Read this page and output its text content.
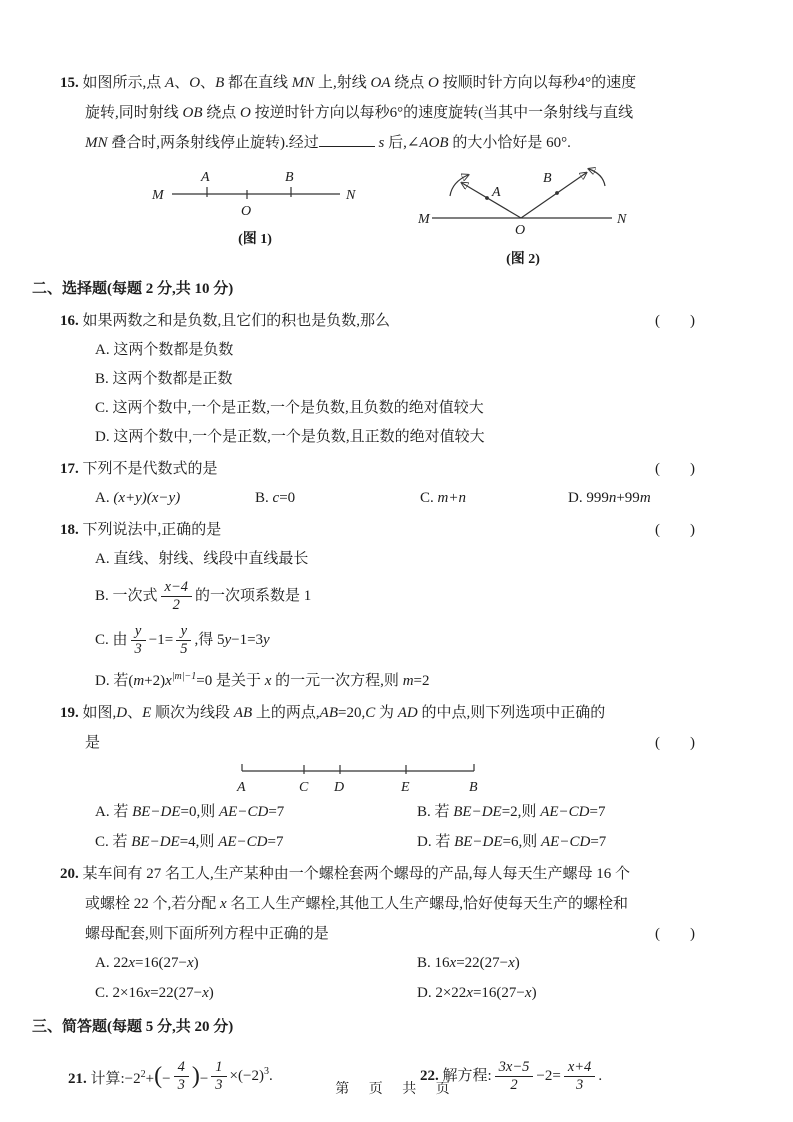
15. 如图所示,点 A、O、B 都在直线 MN 上,射线 OA 绕点 O 按顺时针方向以每秒4°的速度
旋转,同时射线 OB 绕点 O 按逆时针方向以每秒6°的速度旋转(当其中一条射线与直线
MN 叠合时,两条射线停止旋转).经过	s 后,∠AOB 的大小恰好是 60°.
M
A
O
B
N
(图 1)
M
A
B
O
N
(图 2)
二、选择题(每题 2 分,共 10 分)
16. 如果两数之和是负数,且它们的积也是负数,那么	(　　)
A. 这两个数都是负数
B. 这两个数都是正数
C. 这两个数中,一个是正数,一个是负数,且负数的绝对值较大
D. 这两个数中,一个是正数,一个是负数,且正数的绝对值较大
17. 下列不是代数式的是	(　　)
A. (x+y)(x−y)	B. c=0	C. m+n	D. 999n+99m
18. 下列说法中,正确的是	(　　)
A. 直线、射线、线段中直线最长
B. 一次式 $\frac{x-4}{2}$ 的一次项系数是 1
C. 由 $\frac{y}{3} -1= \frac{y}{5}$ ,得 5y−1=3y
D. 若$(m+2)x^{|m|-1}=0$ 是关于 x 的一元一次方程,则 m=2
19. 如图,D、E 顺次为线段 AB 上的两点,AB=20,C 为 AD 的中点,则下列选项中正确的
是	(　　)
A	C D	E	B
A. 若 BE−DE=0,则 AE−CD=7	B. 若 BE−DE=2,则 AE−CD=7
C. 若 BE−DE=4,则 AE−CD=7	D. 若 BE−DE=6,则 AE−CD=7
20. 某车间有 27 名工人,生产某种由一个螺栓套两个螺母的产品,每人每天生产螺母 16 个
或螺栓 22 个,若分配 x 名工人生产螺栓,其他工人生产螺母,恰好使每天生产的螺栓和
螺母配套,则下面所列方程中正确的是	(　　)
A. 22x=16(27−x)	B. 16x=22(27−x)
C. 2×16x=22(27−x)	D. 2×22x=16(27−x)
三、简答题(每题 5 分,共 20 分)
21. 计算$:-2^2+(- \frac{4}{3}$ )− $\frac{1}{3} \times(-2)^3$.	22. 解方程: $\frac{3x-5}{2} -2= \frac{x+4}{3}$ .
第 页 共 页
